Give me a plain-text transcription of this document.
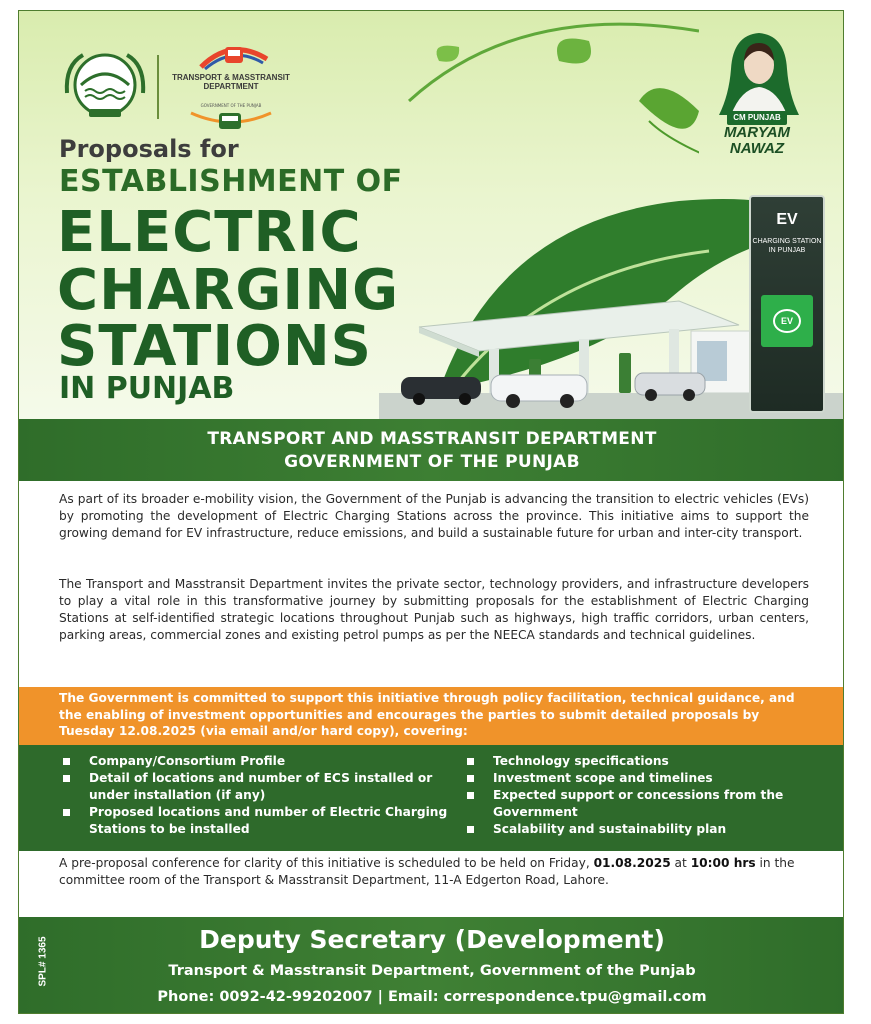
TRANSPORT & MASSTRANSIT DEPARTMENT
GOVERNMENT OF THE PUNJAB
Proposals for
ESTABLISHMENT OF
ELECTRIC
CHARGING
STATIONS
IN PUNJAB
CM PUNJAB
MARYAM NAWAZ
EV
CHARGING STATION IN PUNJAB
EV
TRANSPORT AND MASSTRANSIT DEPARTMENT
GOVERNMENT OF THE PUNJAB

As part of its broader e-mobility vision, the Government of the Punjab is advancing the transition to electric vehicles (EVs) by promoting the development of Electric Charging Stations across the province. This initiative aims to support the growing demand for EV infrastructure, reduce emissions, and build a sustainable future for urban and inter-city transport.

The Transport and Masstransit Department invites the private sector, technology providers, and infrastructure developers to play a vital role in this transformative journey by submitting proposals for the establishment of Electric Charging Stations at self-identified strategic locations throughout Punjab such as highways, high traffic corridors, urban centers, parking areas, commercial zones and existing petrol pumps as per the NEECA standards and technical guidelines.

The Government is committed to support this initiative through policy facilitation, technical guidance, and the enabling of investment opportunities and encourages the parties to submit detailed proposals by Tuesday 12.08.2025 (via email and/or hard copy), covering:

Company/Consortium Profile
Detail of locations and number of ECS installed or under installation (if any)
Proposed locations and number of Electric Charging Stations to be installed
Technology specifications
Investment scope and timelines
Expected support or concessions from the Government
Scalability and sustainability plan

A pre-proposal conference for clarity of this initiative is scheduled to be held on Friday, 01.08.2025 at 10:00 hrs in the committee room of the Transport & Masstransit Department, 11-A Edgerton Road, Lahore.

Deputy Secretary (Development)
Transport & Masstransit Department, Government of the Punjab
Phone: 0092-42-99202007 | Email: correspondence.tpu@gmail.com
SPL# 1365
